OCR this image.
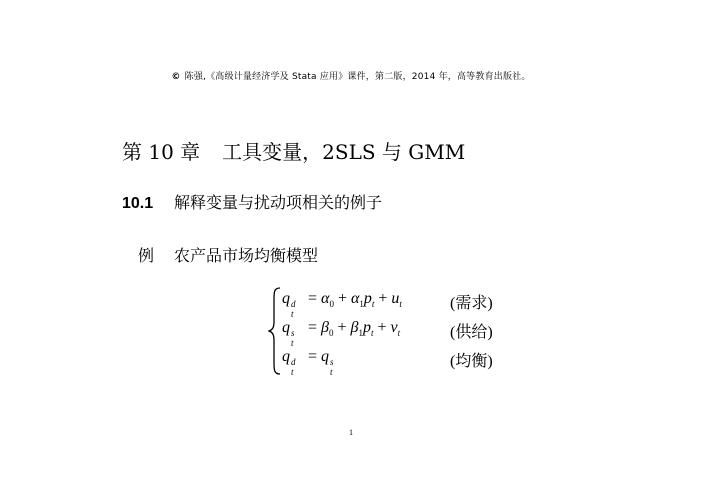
© 陈强,《高级计量经济学及 Stata 应用》课件，第二版，2014 年，高等教育出版社。
第 10 章 工具变量，2SLS 与 GMM
10.1 解释变量与扰动项相关的例子
例 农产品市场均衡模型
q d
t
= $\alpha_0 + \alpha_1p_t + u_t$	(需求)
q s
t
= $\beta_0 + \beta_1p_t + v_t$	(供给)
q d
t
= q s
t
(均衡)
1
